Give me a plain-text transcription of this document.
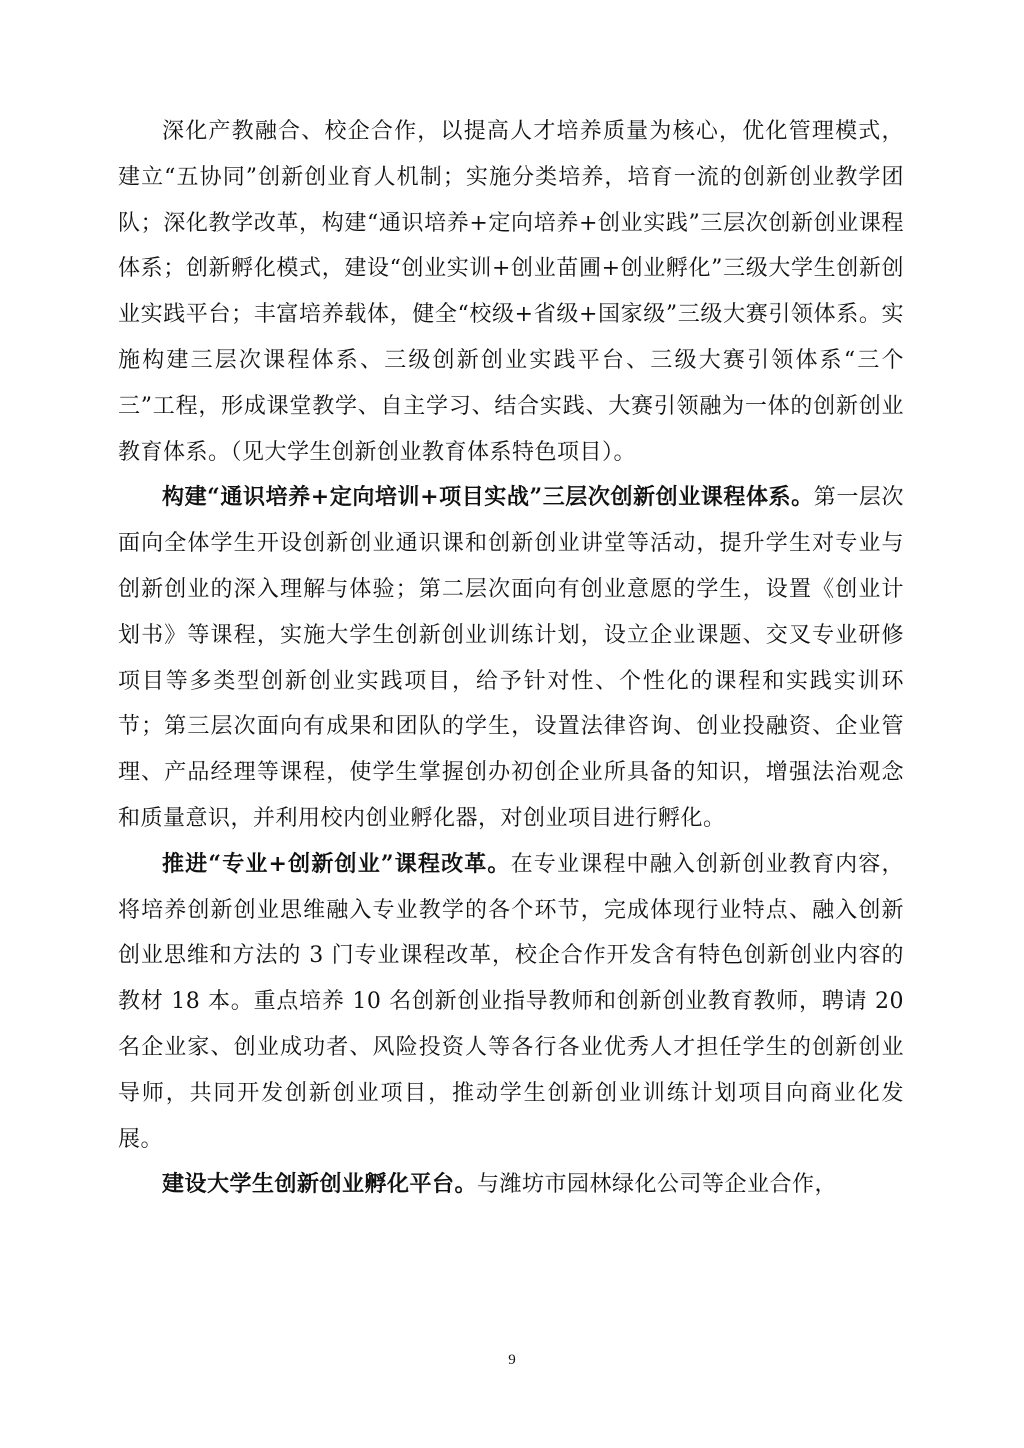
深化产教融合、校企合作，以提高人才培养质量为核心，优化管理模式，建立“五协同”创新创业育人机制；实施分类培养，培育一流的创新创业教学团队；深化教学改革，构建“通识培养+定向培养+创业实践”三层次创新创业课程体系；创新孵化模式，建设“创业实训+创业苗圃+创业孵化”三级大学生创新创业实践平台；丰富培养载体，健全“校级+省级+国家级”三级大赛引领体系。实施构建三层次课程体系、三级创新创业实践平台、三级大赛引领体系“三个三”工程，形成课堂教学、自主学习、结合实践、大赛引领融为一体的创新创业教育体系。（见大学生创新创业教育体系特色项目）。

构建“通识培养+定向培训+项目实战”三层次创新创业课程体系。第一层次面向全体学生开设创新创业通识课和创新创业讲堂等活动，提升学生对专业与创新创业的深入理解与体验；第二层次面向有创业意愿的学生，设置《创业计划书》等课程，实施大学生创新创业训练计划，设立企业课题、交叉专业研修项目等多类型创新创业实践项目，给予针对性、个性化的课程和实践实训环节；第三层次面向有成果和团队的学生，设置法律咨询、创业投融资、企业管理、产品经理等课程，使学生掌握创办初创企业所具备的知识，增强法治观念和质量意识，并利用校内创业孵化器，对创业项目进行孵化。

推进“专业+创新创业”课程改革。在专业课程中融入创新创业教育内容，将培养创新创业思维融入专业教学的各个环节，完成体现行业特点、融入创新创业思维和方法的 3 门专业课程改革，校企合作开发含有特色创新创业内容的教材 18 本。重点培养 10 名创新创业指导教师和创新创业教育教师，聘请 20 名企业家、创业成功者、风险投资人等各行各业优秀人才担任学生的创新创业导师，共同开发创新创业项目，推动学生创新创业训练计划项目向商业化发展。

建设大学生创新创业孵化平台。与潍坊市园林绿化公司等企业合作，

9
